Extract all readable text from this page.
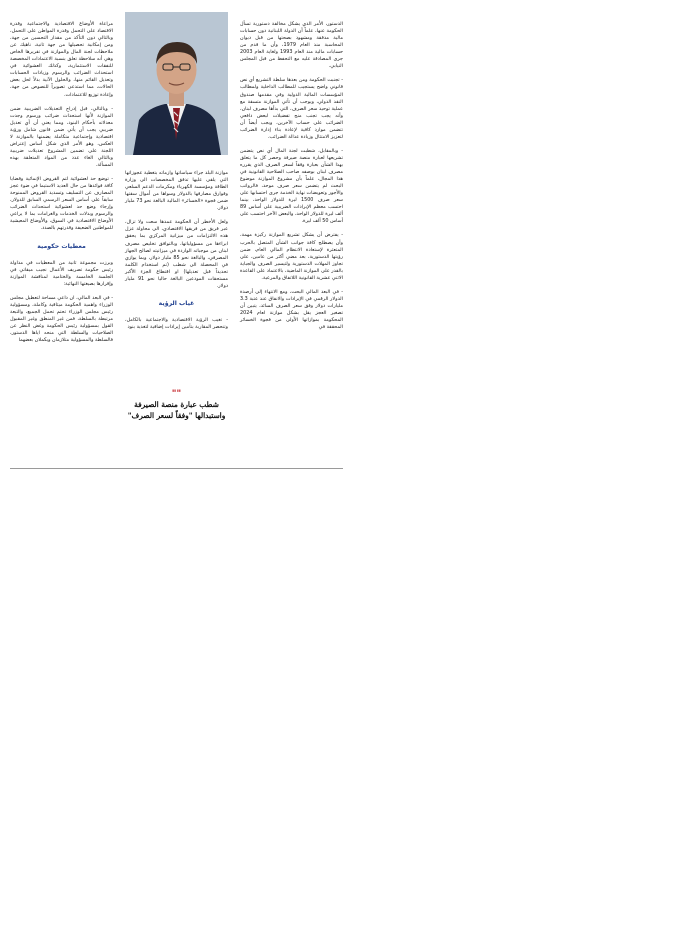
الدستور، الأمر الذي يشكل مخالفة دستورية تسأل الحكومة عنها، علماً أن الدولة اللبنانية دون حسابات مالية مدققة ومشهود بصحتها من قبل ديوان المحاسبة منذ العام 1979، وأن ما قدم من حسابات مالية منذ العام 1993 ولغاية العام 2003 جرى المصادقة عليه مع التحفظ من قبل المجلس النيابي.

- تجنبت الحكومة ومن بعدها سلطة التشريع أي نص قانوني واضح يستجيب للمطالب الداخلية ولمطالب المؤسسات المالية الدولية وفي مقدمها صندوق النقد الدولي، ويوجب أن تأتي الموازنة متسقة مع عملية توحيد سعر الصرف، التي بدأها مصرف لبنان، وأنه يجب تجنب منح تفضيلات لبعض دافعي الضرائب على حساب الآخرين، ويجب أيضاً أن تتضمن موارد كافية لإعادة بناء إدارة الضرائب لتعزيز الامتثال وزيادة عدالة الضرائب.

- وبالمقابل، شطبت لجنة المال أي نص يتضمن تشريعها لعبارة منصة صيرفة وحصر كل ما يتعلق بهذا الشأن بعبارة وفقاً لسعر الصرف الذي يقرره مصرف لبنان بوصفه صاحب الصلاحية القانونية في هذا المجال، علماً بأن مشروع الموازنة موضوع البحث لم يتضمن سعر صرف موحد، فالرواتب والأجور وتعويضات نهاية الخدمة جرى احتسابها على سعر صرف 1500 ليرة للدولار الواحد، بينما احتسب معظم الإيرادات الضريبية على أساس 89 ألف ليرة للدولار الواحد، والبعض الآخر احتسب على أساس 50 ألف ليرة.

- يفترض أن يشكل تشريع الموازنة ركيزة مهمة، وأن يصطلح كافة جوانب الشأن المتصل بالحرب المتعثرة لإستعادة الانتظام المالي العام، ضمن رؤيتها الدستورية، بعد مضي أكثر من عامين، على تجاوز المهلات الدستورية ولتيسير الصرف والجباية بالقدر على الموازنة الماضية، بالاعتماد على القاعدة الاثني عشرية القانونية اللاتفاق والمرعية.

- في البعد المالي البحت، ومع الانتهاء إلى أرصدة الدولار الرقمي في الإيرادات والانفاق عند عتبة 3.3 مليارات دولار وفق سعر الصرف السائد، يتبين أن تصغير العجز يقل بشكل موازنة لعام 2024 المحكومة بموازاتها الأولى من فجوة الخسائر المحققة في

موازنة البلد جراء سياساتها وازماته بتغطية عجوزاتها التي يلقى عليها تدفق المخصصات الى وزارة الطاقة ومؤسسة الكهرباء ومكرمات الدعم السلعي وفوارق مصارفها بالدولار وسواها من أموال سقتها ضمن فجوة «الخسائر» المالية البالغة نحو 73 مليار دولار.

ولعل الأخطر أن الحكومة عمدها سعت ولا تزال، عبر فريق من فريقها الاقتصادي، الى محاولة عزل هذه الالتزامات من ميزانية المركزي بما يحقق ابراءها من مسؤولياتها، وبالتوافق تخليص مصرف لبنان من موجباته الواردة في ميزانيته لصالح الجهاز المصرفي، والبالغة نحو 85 مليار دولار، وبما يوازي في المحصلة الى شطب (تم استخدام الكلمة تحديداً قبل تعديلها) او اقتطاع الجزء الأكبر مستحقات المودعين البالغة حاليا نحو 91 مليار دولار.

غياب الرؤية

- تغيب الرؤية الاقتصادية والاجتماعية بالكامل، وتنحصر المقاربة بتأمين إيرادات إضافية لتغذية بنود

""
شطب عبارة منصة الصيرفة
واستبدالها "وفقاً لسعر الصرف"

مراعاة الأوضاع الاقتصادية والاجتماعية وقدرة الاقتصاد على التحمل وقدرة المواطن على التحمل، وبالتالي دون التأكد من مقدار التحسين من جهة، ومن إمكانية تحصيلها من جهة ثانية، ناهيك عن ملاحظات لجنة المال والموازنة في تقريرها الخاص وهي أنه سلاحظة تعلق بنسبة الاعتمادات المخصصة للنفقات الاستثمارية، وكذلك العشوائية في استحداث الضرائب والرسوم وزيادات الحسابات وتعديل القائم منها، والحلول الآنية بدلاً لحل بعض الحالات، مما استدعى تصويراً للنصوص من جهة، وإعادة توزيع للاعتمادات.

- وبالتالي، قبل إدراج التعديلات الضريبية ضمن الموازنة لأنها استحداث ضرائب ورسوم وجدت معدلاته بأحكام البنود، ومما يعني أن أي تعديل ضريبي يجب أن يأتي ضمن قانون شامل ورؤية اقتصادية وإجتماعية متكاملة يضمنها بالموازنة لا العكس، وهو الأمر الذي شكل أساس إعتراض اللجنة على تضمين المشروع تعديلات ضريبية وبالتالي الغاء عدد من المواد المتعلقة بهذه المسألة.

- توضع حد لعشوائية لتم القروض الإنمائية وقضايا كافة فوائدها من حال العديد الاستيما في ضوء عجز المصارف عن التسليف وتسديد القروض الممنوحة سابقاً على أساس السعر الرسمي السابق للدولار، وإرجاء وضع حد لعشوائية استحداث الضرائب والرسوم وبدلات الخدمات والغرامات بما لا يراعي الأوضاع الاقتصادية في السوق، والأوضاع المعيشية للمواطنين الضعيفة وقدرتهم بالصدد.

معطيات حكومية

وبرزت مجموعة ثانية من المعطيات في مداولة رئيس حكومة تصريف الأعمال نجيب ميقاتي في الجلسة الخامسة والختامية لمناقشة الموازنة وإقرارها بصيغتها النهائية:

- في البعد المالي، ان داعي مساحة لتعطيل مجلس الوزراء واهمية الحكومة ميثاقية وكاملة، ومسؤولية رئيس مجلس الوزراء تحتم تحمل الجميع، والتبعة مرتبطة بالسلطة، فمن غير المنطق وغير المقبول القول بمسؤولية رئيس الحكومة وغض النظر عن الصلاحيات والسلطة التي منحه اياها الدستور، فالسلطة والمسؤولية متلازمان ويكملان بعضهما
